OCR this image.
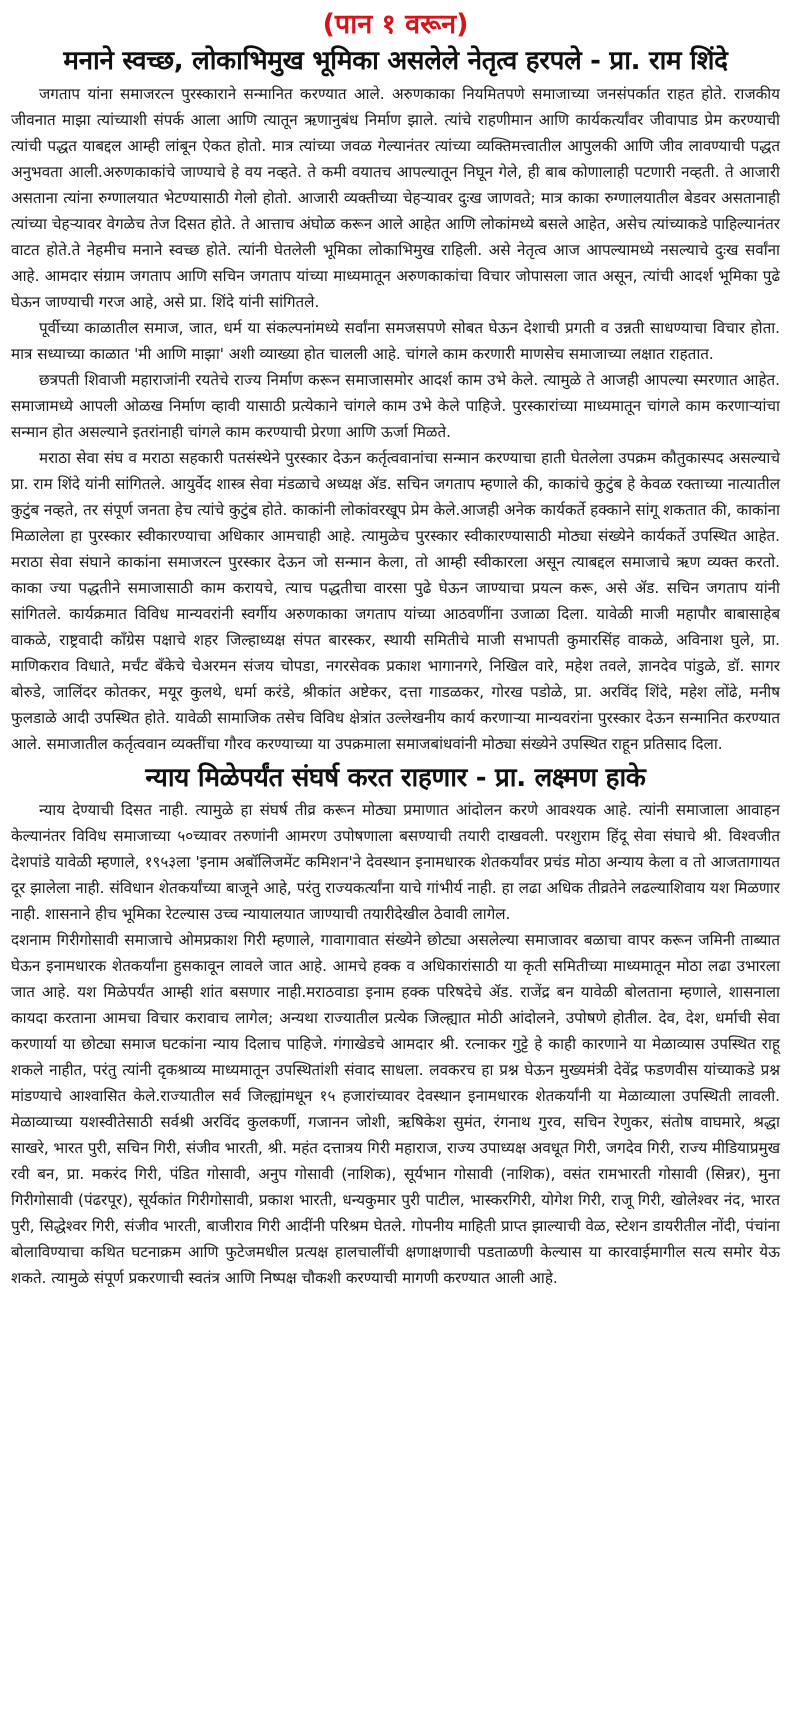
(पान १ वरून)
मनाने स्वच्छ, लोकाभिमुख भूमिका असलेले नेतृत्व हरपले - प्रा. राम शिंदे

जगताप यांना समाजरत्न पुरस्काराने सन्मानित करण्यात आले. अरुणकाका नियमितपणे समाजाच्या जनसंपर्कात राहत होते. राजकीय जीवनात माझा त्यांच्याशी संपर्क आला आणि त्यातून ऋणानुबंध निर्माण झाले. त्यांचे राहणीमान आणि कार्यकर्त्यांवर जीवापाड प्रेम करण्याची त्यांची पद्धत याबद्दल आम्ही लांबून ऐकत होतो. मात्र त्यांच्या जवळ गेल्यानंतर त्यांच्या व्यक्तिमत्त्वातील आपुलकी आणि जीव लावण्याची पद्धत अनुभवता आली.अरुणकाकांचे जाण्याचे हे वय नव्हते. ते कमी वयातच आपल्यातून निघून गेले, ही बाब कोणालाही पटणारी नव्हती. ते आजारी असताना त्यांना रुग्णालयात भेटण्यासाठी गेलो होतो. आजारी व्यक्तीच्या चेहऱ्यावर दुःख जाणवते; मात्र काका रुग्णालयातील बेडवर असतानाही त्यांच्या चेहऱ्यावर वेगळेच तेज दिसत होते. ते आत्ताच अंघोळ करून आले आहेत आणि लोकांमध्ये बसले आहेत, असेच त्यांच्याकडे पाहिल्यानंतर वाटत होते.ते नेहमीच मनाने स्वच्छ होते. त्यांनी घेतलेली भूमिका लोकाभिमुख राहिली. असे नेतृत्व आज आपल्यामध्ये नसल्याचे दुःख सर्वांना आहे. आमदार संग्राम जगताप आणि सचिन जगताप यांच्या माध्यमातून अरुणकाकांचा विचार जोपासला जात असून, त्यांची आदर्श भूमिका पुढे घेऊन जाण्याची गरज आहे, असे प्रा. शिंदे यांनी सांगितले.

पूर्वीच्या काळातील समाज, जात, धर्म या संकल्पनांमध्ये सर्वांना समजसपणे सोबत घेऊन देशाची प्रगती व उन्नती साधण्याचा विचार होता. मात्र सध्याच्या काळात 'मी आणि माझा' अशी व्याख्या होत चालली आहे. चांगले काम करणारी माणसेच समाजाच्या लक्षात राहतात.

छत्रपती शिवाजी महाराजांनी रयतेचे राज्य निर्माण करून समाजासमोर आदर्श काम उभे केले. त्यामुळे ते आजही आपल्या स्मरणात आहेत. समाजामध्ये आपली ओळख निर्माण व्हावी यासाठी प्रत्येकाने चांगले काम उभे केले पाहिजे. पुरस्कारांच्या माध्यमातून चांगले काम करणाऱ्यांचा सन्मान होत असल्याने इतरांनाही चांगले काम करण्याची प्रेरणा आणि ऊर्जा मिळते.

मराठा सेवा संघ व मराठा सहकारी पतसंस्थेने पुरस्कार देऊन कर्तृत्ववानांचा सन्मान करण्याचा हाती घेतलेला उपक्रम कौतुकास्पद असल्याचे प्रा. राम शिंदे यांनी सांगितले. आयुर्वेद शास्त्र सेवा मंडळाचे अध्यक्ष ॲड. सचिन जगताप म्हणाले की, काकांचे कुटुंब हे केवळ रक्ताच्या नात्यातील कुटुंब नव्हते, तर संपूर्ण जनता हेच त्यांचे कुटुंब होते. काकांनी लोकांवरखूप प्रेम केले.आजही अनेक कार्यकर्ते हक्काने सांगू शकतात की, काकांना मिळालेला हा पुरस्कार स्वीकारण्याचा अधिकार आमचाही आहे. त्यामुळेच पुरस्कार स्वीकारण्यासाठी मोठ्या संख्येने कार्यकर्ते उपस्थित आहेत. मराठा सेवा संघाने काकांना समाजरत्न पुरस्कार देऊन जो सन्मान केला, तो आम्ही स्वीकारला असून त्याबद्दल समाजाचे ऋण व्यक्त करतो. काका ज्या पद्धतीने समाजासाठी काम करायचे, त्याच पद्धतीचा वारसा पुढे घेऊन जाण्याचा प्रयत्न करू, असे ॲड. सचिन जगताप यांनी सांगितले. कार्यक्रमात विविध मान्यवरांनी स्वर्गीय अरुणकाका जगताप यांच्या आठवणींना उजाळा दिला. यावेळी माजी महापौर बाबासाहेब वाकळे, राष्ट्रवादी काँग्रेस पक्षाचे शहर जिल्हाध्यक्ष संपत बारस्कर, स्थायी समितीचे माजी सभापती कुमारसिंह वाकळे, अविनाश घुले, प्रा. माणिकराव विधाते, मर्चंट बँकेचे चेअरमन संजय चोपडा, नगरसेवक प्रकाश भागानगरे, निखिल वारे, महेश तवले, ज्ञानदेव पांडुळे, डॉ. सागर बोरुडे, जालिंदर कोतकर, मयूर कुलथे, धर्मा करंडे, श्रीकांत अष्टेकर, दत्ता गाडळकर, गोरख पडोळे, प्रा. अरविंद शिंदे, महेश लोंढे, मनीष फुलडाळे आदी उपस्थित होते. यावेळी सामाजिक तसेच विविध क्षेत्रांत उल्लेखनीय कार्य करणाऱ्या मान्यवरांना पुरस्कार देऊन सन्मानित करण्यात आले. समाजातील कर्तृत्ववान व्यक्तींचा गौरव करण्याच्या या उपक्रमाला समाजबांधवांनी मोठ्या संख्येने उपस्थित राहून प्रतिसाद दिला.

न्याय मिळेपर्यंत संघर्ष करत राहणार - प्रा. लक्ष्मण हाके

न्याय देण्याची दिसत नाही. त्यामुळे हा संघर्ष तीव्र करून मोठ्या प्रमाणात आंदोलन करणे आवश्यक आहे. त्यांनी समाजाला आवाहन केल्यानंतर विविध समाजाच्या ५०च्यावर तरुणांनी आमरण उपोषणाला बसण्याची तयारी दाखवली. परशुराम हिंदू सेवा संघाचे श्री. विश्वजीत देशपांडे यावेळी म्हणाले, १९५३ला 'इनाम अबॉलिजमेंट कमिशन'ने देवस्थान इनामधारक शेतकर्यांवर प्रचंड मोठा अन्याय केला व तो आजतागायत दूर झालेला नाही. संविधान शेतकर्यांच्या बाजूने आहे, परंतु राज्यकर्त्यांना याचे गांभीर्य नाही. हा लढा अधिक तीव्रतेने लढल्याशिवाय यश मिळणार नाही. शासनाने हीच भूमिका रेटल्यास उच्च न्यायालयात जाण्याची तयारीदेखील ठेवावी लागेल.

दशनाम गिरीगोसावी समाजाचे ओमप्रकाश गिरी म्हणाले, गावागावात संख्येने छोट्या असलेल्या समाजावर बळाचा वापर करून जमिनी ताब्यात घेऊन इनामधारक शेतकर्यांना हुसकावून लावले जात आहे. आमचे हक्क व अधिकारांसाठी या कृती समितीच्या माध्यमातून मोठा लढा उभारला जात आहे. यश मिळेपर्यंत आम्ही शांत बसणार नाही.मराठवाडा इनाम हक्क परिषदेचे ॲड. राजेंद्र बन यावेळी बोलताना म्हणाले, शासनाला कायदा करताना आमचा विचार करावाच लागेल; अन्यथा राज्यातील प्रत्येक जिल्ह्यात मोठी आंदोलने, उपोषणे होतील. देव, देश, धर्माची सेवा करणार्या या छोट्या समाज घटकांना न्याय दिलाच पाहिजे. गंगाखेडचे आमदार श्री. रत्नाकर गुट्टे हे काही कारणाने या मेळाव्यास उपस्थित राहू शकले नाहीत, परंतु त्यांनी दृकश्राव्य माध्यमातून उपस्थितांशी संवाद साधला. लवकरच हा प्रश्न घेऊन मुख्यमंत्री देवेंद्र फडणवीस यांच्याकडे प्रश्न मांडण्याचे आश्वासित केले.राज्यातील सर्व जिल्ह्यांमधून १५ हजारांच्यावर देवस्थान इनामधारक शेतकर्यांनी या मेळाव्याला उपस्थिती लावली. मेळाव्याच्या यशस्वीतेसाठी सर्वश्री अरविंद कुलकर्णी, गजानन जोशी, ऋषिकेश सुमंत, रंगनाथ गुरव, सचिन रेणुकर, संतोष वाघमारे, श्रद्धा साखरे, भारत पुरी, सचिन गिरी, संजीव भारती, श्री. महंत दत्तात्रय गिरी महाराज, राज्य उपाध्यक्ष अवधूत गिरी, जगदेव गिरी, राज्य मीडियाप्रमुख रवी बन, प्रा. मकरंद गिरी, पंडित गोसावी, अनुप गोसावी (नाशिक), सूर्यभान गोसावी (नाशिक), वसंत रामभारती गोसावी (सिन्नर), मुना गिरीगोसावी (पंढरपूर), सूर्यकांत गिरीगोसावी, प्रकाश भारती, धन्यकुमार पुरी पाटील, भास्करगिरी, योगेश गिरी, राजू गिरी, खोलेश्वर नंद, भारत पुरी, सिद्धेश्वर गिरी, संजीव भारती, बाजीराव गिरी आदींनी परिश्रम घेतले. गोपनीय माहिती प्राप्त झाल्याची वेळ, स्टेशन डायरीतील नोंदी, पंचांना बोलाविण्याचा कथित घटनाक्रम आणि फुटेजमधील प्रत्यक्ष हालचालींची क्षणाक्षणाची पडताळणी केल्यास या कारवाईमागील सत्य समोर येऊ शकते. त्यामुळे संपूर्ण प्रकरणाची स्वतंत्र आणि निष्पक्ष चौकशी करण्याची मागणी करण्यात आली आहे.
